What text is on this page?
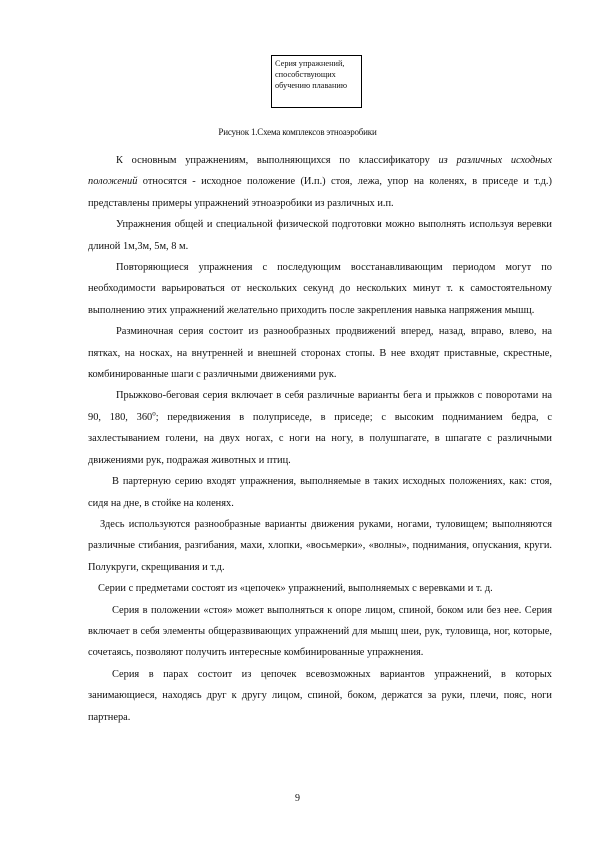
Серия упражнений,
способствующих
обучению плаванию
Рисунок 1.Схема комплексов этноаэробики

К основным упражнениям, выполняющихся по классификатору из различных исходных положений относятся - исходное положение (И.п.) стоя, лежа, упор на коленях, в приседе и т.д.) представлены примеры упражнений этноаэробики из различных и.п.

Упражнения общей и специальной физической подготовки можно выполнять используя веревки длиной 1м,3м, 5м, 8 м.

Повторяющиеся упражнения с последующим восстанавливающим периодом могут по необходимости варьироваться от нескольких секунд до нескольких минут т. к самостоятельному выполнению этих упражнений желательно приходить после закрепления навыка напряжения мышц.

Разминочная серия состоит из разнообразных продвижений вперед, назад, вправо, влево, на пятках, на носках, на внутренней и внешней сторонах стопы. В нее входят приставные, скрестные, комбинированные шаги с различными движениями рук.

Прыжково-беговая серия включает в себя различные варианты бега и прыжков с поворотами на 90, 180, $360^о$; передвижения в полуприседе, в приседе; с высоким подниманием бедра, с захлестыванием голени, на двух ногах, с ноги на ногу, в полушпагате, в шпагате с различными движениями рук, подражая животных и птиц.

В партерную серию входят упражнения, выполняемые в таких исходных положениях, как: стоя, сидя на дне, в стойке на коленях.

Здесь используются разнообразные варианты движения руками, ногами, туловищем; выполняются различные стибания, разгибания, махи, хлопки, «восьмерки», «волны», поднимания, опускания, круги. Полукруги, скрещивания и т.д.

Серии с предметами состоят из «цепочек» упражнений, выполняемых с веревками и т. д.

Серия в положении «стоя» может выполняться к опоре лицом, спиной, боком или без нее. Серия включает в себя элементы общеразвивающих упражнений для мышц шеи, рук, туловища, ног, которые, сочетаясь, позволяют получить интересные комбинированные упражнения.

Серия в парах состоит из цепочек всевозможных вариантов упражнений, в которых занимающиеся, находясь друг к другу лицом, спиной, боком, держатся за руки, плечи, пояс, ноги партнера.

9
